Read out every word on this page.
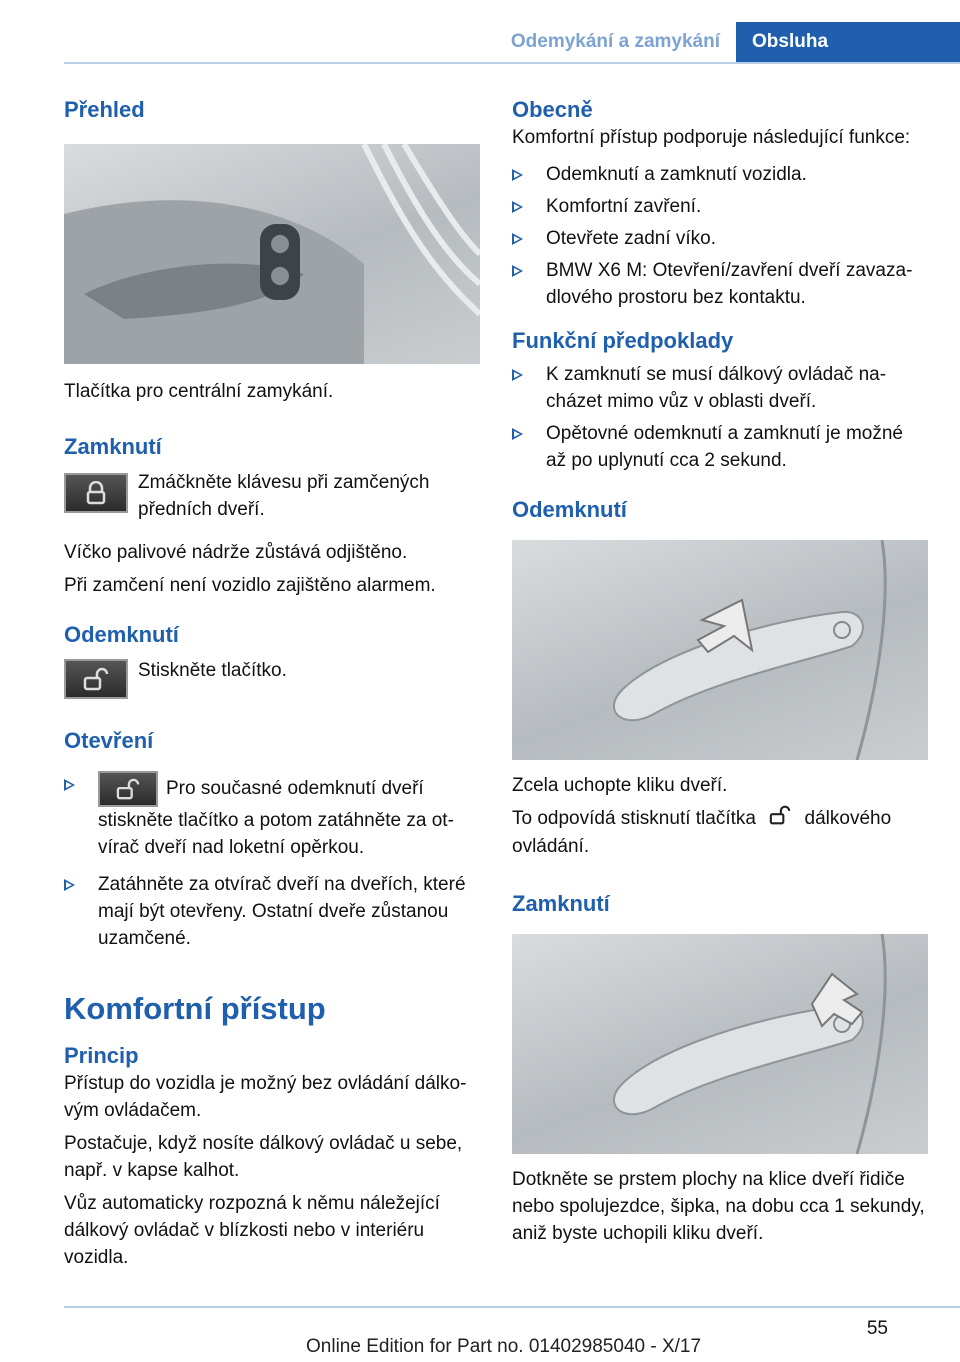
Odemykání a zamykání	Obsluha
Přehled

Tlačítka pro centrální zamykání.

Zamknutí

Zmáčkněte klávesu při zamčených předních dveří.

Víčko palivové nádrže zůstává odjištěno.

Při zamčení není vozidlo zajištěno alarmem.

Odemknutí

Stiskněte tlačítko.

Otevření
Pro současné odemknutí dveří stiskněte tlačítko a potom zatáhněte za otvírač dveří nad loketní opěrkou.
Zatáhněte za otvírač dveří na dveřích, které mají být otevřeny. Ostatní dveře zůstanou uzamčené.
Komfortní přístup
Princip

Přístup do vozidla je možný bez ovládání dálkovým ovládačem.

Postačuje, když nosíte dálkový ovládač u sebe, např. v kapse kalhot.

Vůz automaticky rozpozná k němu náležející dálkový ovládač v blízkosti nebo v interiéru vozidla.

Obecně

Komfortní přístup podporuje následující funkce:

Odemknutí a zamknutí vozidla.
Komfortní zavření.
Otevřete zadní víko.
BMW X6 M: Otevření/zavření dveří zavazadlového prostoru bez kontaktu.
Funkční předpoklady
K zamknutí se musí dálkový ovládač nacházet mimo vůz v oblasti dveří.
Opětovné odemknutí a zamknutí je možné až po uplynutí cca 2 sekund.
Odemknutí

Zcela uchopte kliku dveří.

To odpovídá stisknutí tlačítka	dálkového ovládání.

Zamknutí

Dotkněte se prstem plochy na klice dveří řidiče nebo spolujezdce, šipka, na dobu cca 1 sekundy, aniž byste uchopili kliku dveří.

55
Online Edition for Part no. 01402985040 - X/17
